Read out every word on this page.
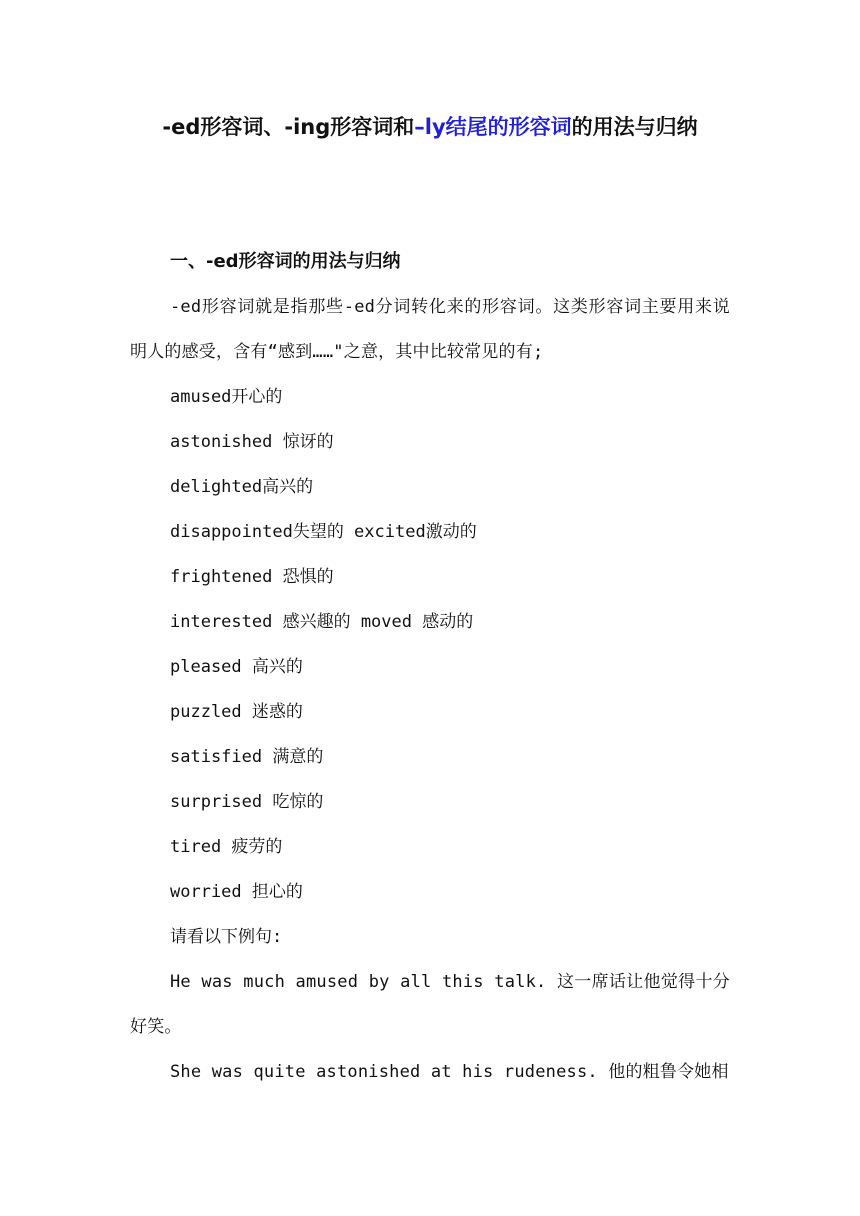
-ed形容词、-ing形容词和–ly结尾的形容词的用法与归纳
一、-ed形容词的用法与归纳

-ed形容词就是指那些-ed分词转化来的形容词。这类形容词主要用来说明人的感受，含有“感到……"之意，其中比较常见的有;

amused开心的
astonished 惊讶的
delighted高兴的
disappointed失望的 excited激动的
frightened 恐惧的
interested 感兴趣的 moved 感动的
pleased 高兴的
puzzled 迷惑的
satisfied 满意的
surprised 吃惊的
tired 疲劳的
worried 担心的

请看以下例句:

He was much amused by all this talk. 这一席话让他觉得十分好笑。

She was quite astonished at his rudeness. 他的粗鲁令她相
